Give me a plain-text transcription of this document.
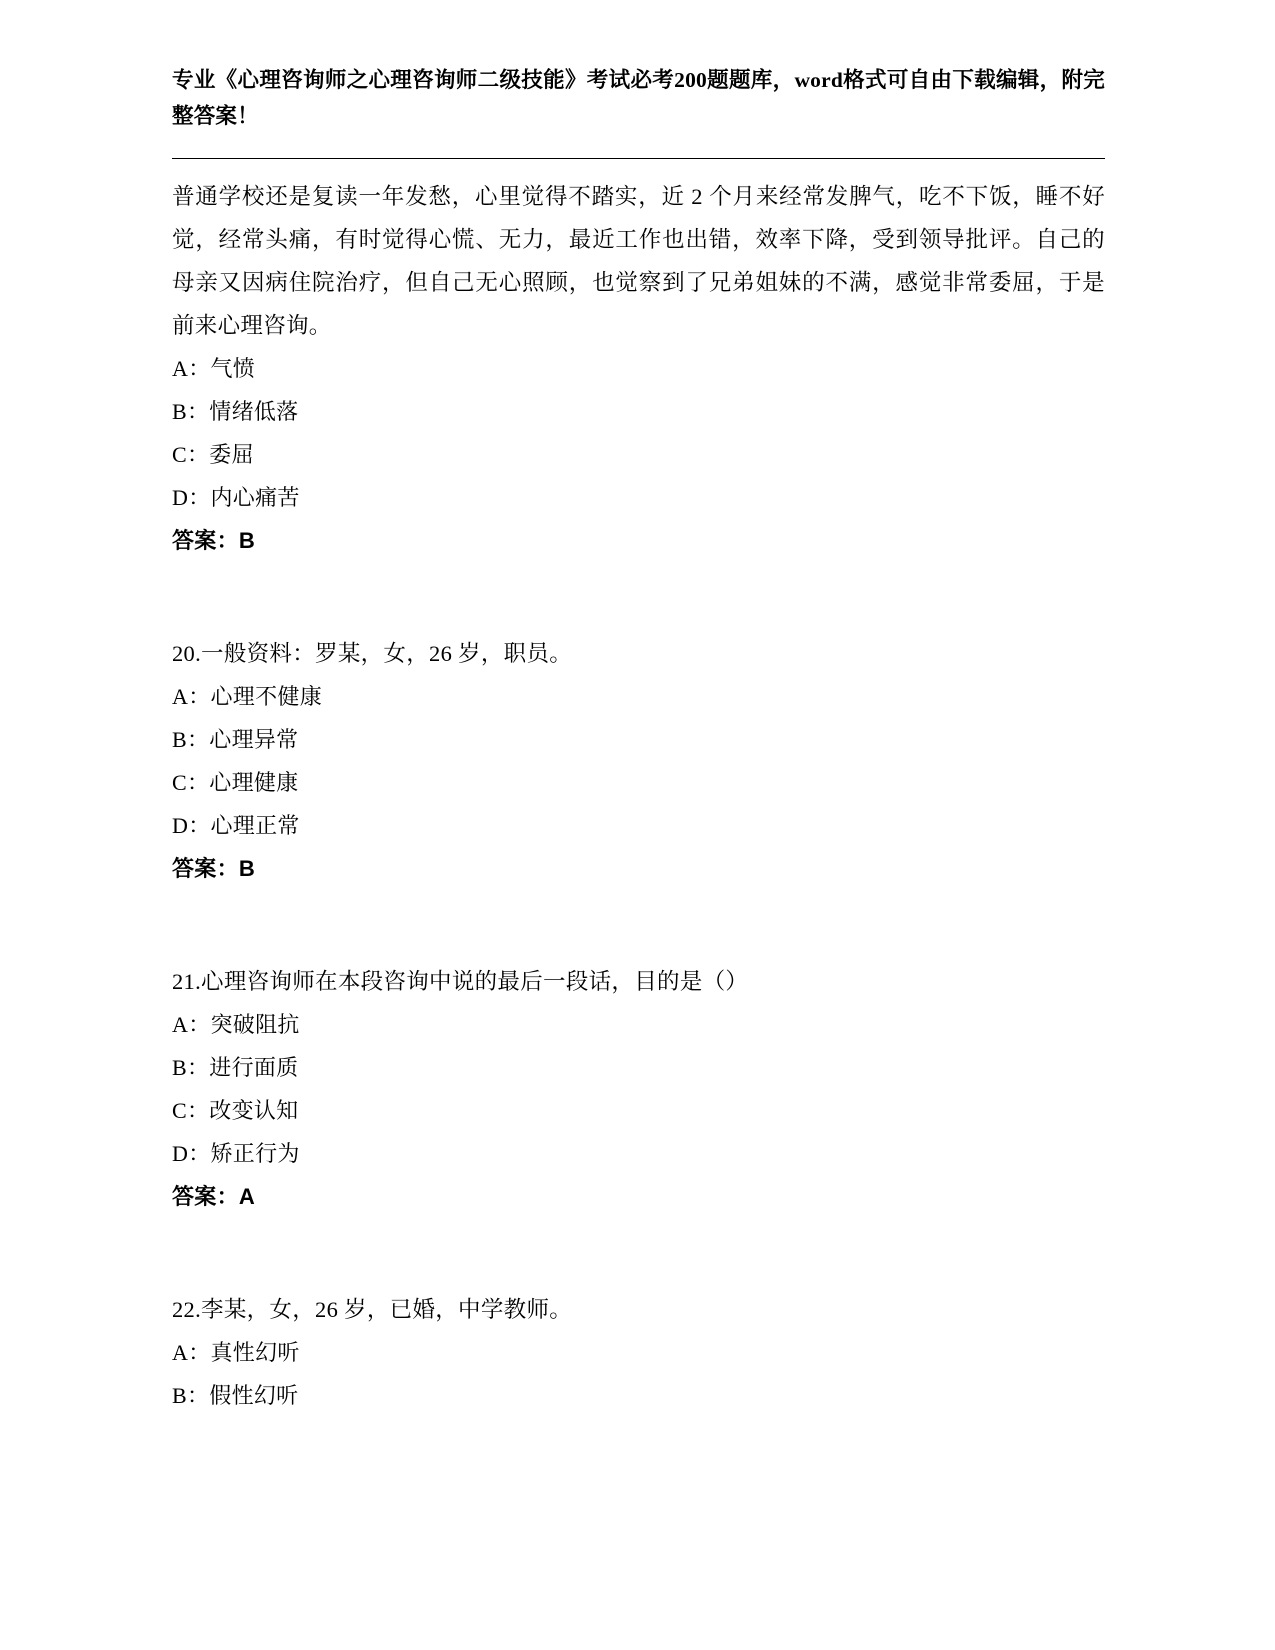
专业《心理咨询师之心理咨询师二级技能》考试必考200题题库，word格式可自由下载编辑，附完整答案！

普通学校还是复读一年发愁，心里觉得不踏实，近 2 个月来经常发脾气，吃不下饭，睡不好觉，经常头痛，有时觉得心慌、无力，最近工作也出错，效率下降，受到领导批评。自己的母亲又因病住院治疗，但自己无心照顾，也觉察到了兄弟姐妹的不满，感觉非常委屈，于是前来心理咨询。

A：气愤

B：情绪低落

C：委屈

D：内心痛苦

答案：B

20.一般资料：罗某，女，26 岁，职员。

A：心理不健康

B：心理异常

C：心理健康

D：心理正常

答案：B

21.心理咨询师在本段咨询中说的最后一段话，目的是（）

A：突破阻抗

B：进行面质

C：改变认知

D：矫正行为

答案：A

22.李某，女，26 岁，已婚，中学教师。

A：真性幻听

B：假性幻听
